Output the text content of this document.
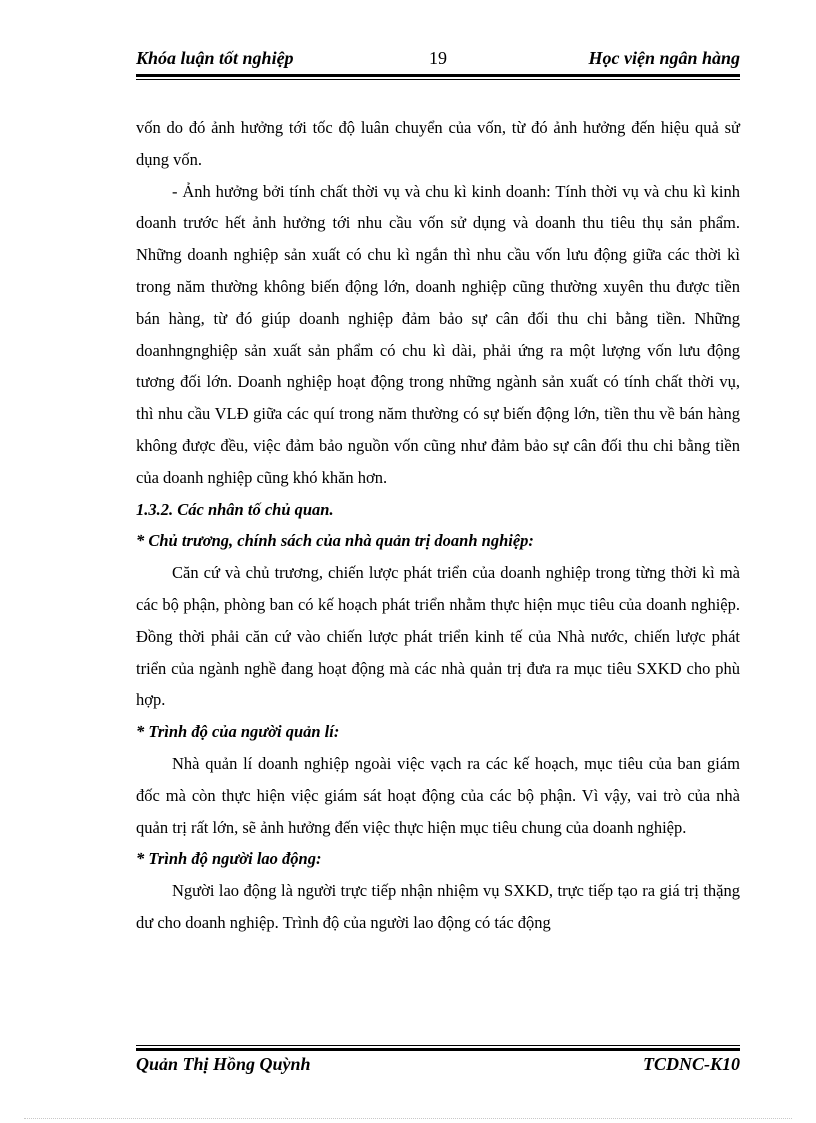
Khóa luận tốt nghiệp	19	Học viện ngân hàng

vốn do đó ảnh hưởng tới tốc độ luân chuyển của vốn, từ đó ảnh hưởng đến hiệu quả sử dụng vốn.

- Ảnh hưởng bởi tính chất thời vụ và chu kì kinh doanh: Tính thời vụ và chu kì kinh doanh trước hết ảnh hưởng tới nhu cầu vốn sử dụng và doanh thu tiêu thụ sản phẩm. Những doanh nghiệp sản xuất có chu kì ngắn thì nhu cầu vốn lưu động giữa các thời kì trong năm thường không biến động lớn, doanh nghiệp cũng thường xuyên thu được tiền bán hàng, từ đó giúp doanh nghiệp đảm bảo sự cân đối thu chi bằng tiền. Những doanhngnghiệp sản xuất sản phẩm có chu kì dài, phải ứng ra một lượng vốn lưu động tương đối lớn. Doanh nghiệp hoạt động trong những ngành sản xuất có tính chất thời vụ, thì nhu cầu VLĐ giữa các quí trong năm thường có sự biến động lớn, tiền thu về bán hàng không được đều, việc đảm bảo nguồn vốn cũng như đảm bảo sự cân đối thu chi bằng tiền của doanh nghiệp cũng khó khăn hơn.

1.3.2. Các nhân tố chủ quan.

* Chủ trương, chính sách của nhà quản trị doanh nghiệp:

Căn cứ và chủ trương, chiến lược phát triển của doanh nghiệp trong từng thời kì mà các bộ phận, phòng ban có kế hoạch phát triển nhằm thực hiện mục tiêu của doanh nghiệp. Đồng thời phải căn cứ vào chiến lược phát triển kinh tế của Nhà nước, chiến lược phát triển của ngành nghề đang hoạt động mà các nhà quản trị đưa ra mục tiêu SXKD cho phù hợp.

* Trình độ của người quản lí:

Nhà quản lí doanh nghiệp ngoài việc vạch ra các kế hoạch, mục tiêu của ban giám đốc mà còn thực hiện việc giám sát hoạt động của các bộ phận. Vì vậy, vai trò của nhà quản trị rất lớn, sẽ ảnh hưởng đến việc thực hiện mục tiêu chung của doanh nghiệp.

* Trình độ người lao động:

Người lao động là người trực tiếp nhận nhiệm vụ SXKD, trực tiếp tạo ra giá trị thặng dư cho doanh nghiệp. Trình độ của người lao động có tác động

Quản Thị Hồng Quỳnh	TCDNC-K10
